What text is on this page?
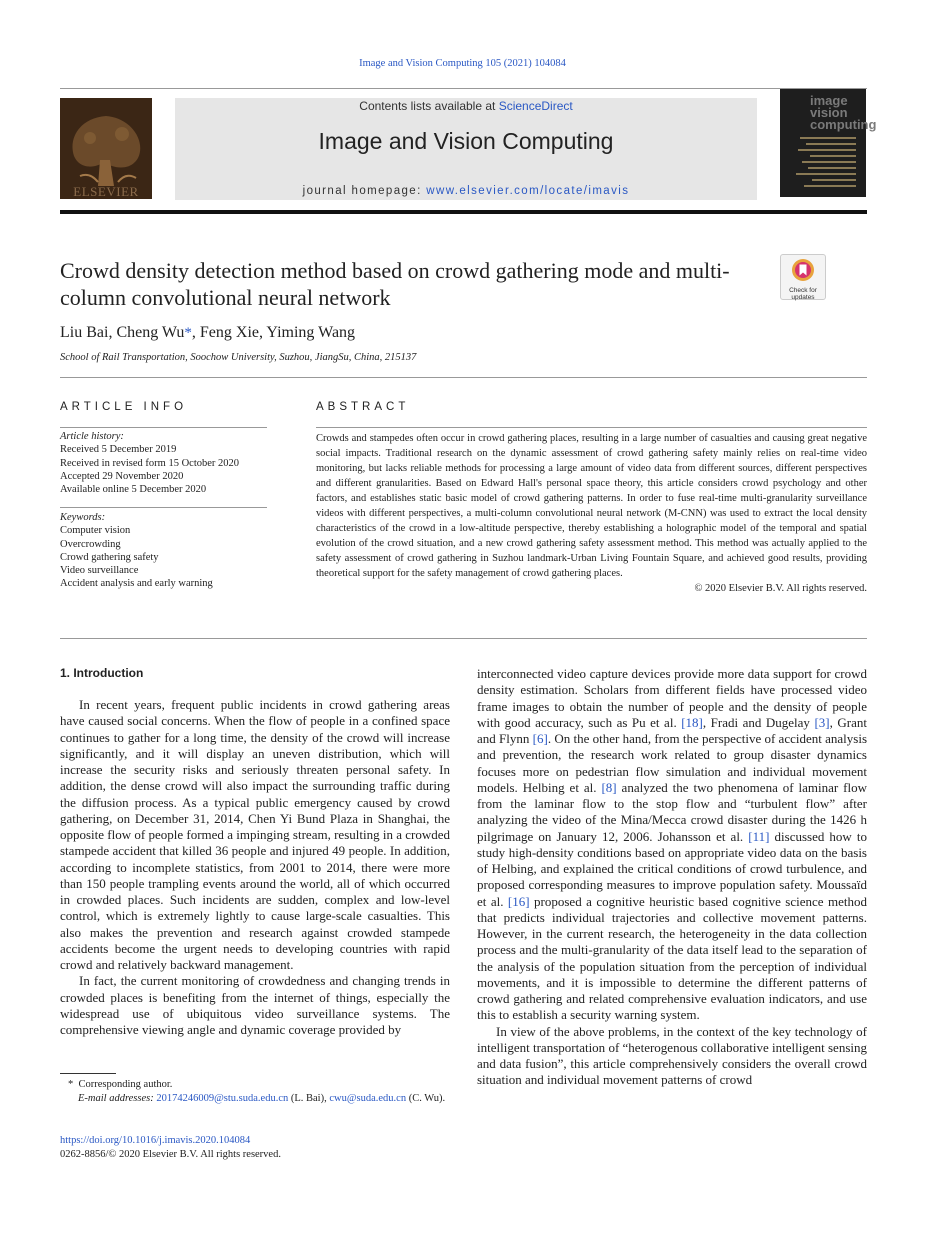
Image and Vision Computing 105 (2021) 104084
ELSEVIER
Contents lists available at ScienceDirect
Image and Vision Computing
journal homepage: www.elsevier.com/locate/imavis
image vision computing
Crowd density detection method based on crowd gathering mode and multi-column convolutional neural network	Check for updates
Liu Bai, Cheng Wu*, Feng Xie, Yiming Wang
School of Rail Transportation, Soochow University, Suzhou, JiangSu, China, 215137
ARTICLE INFO
Article history:
Received 5 December 2019
Received in revised form 15 October 2020
Accepted 29 November 2020
Available online 5 December 2020
Keywords:
Computer vision
Overcrowding
Crowd gathering safety
Video surveillance
Accident analysis and early warning
ABSTRACT
Crowds and stampedes often occur in crowd gathering places, resulting in a large number of casualties and causing great negative social impacts. Traditional research on the dynamic assessment of crowd gathering safety mainly relies on real-time video monitoring, but lacks reliable methods for processing a large amount of video data from different sources, different perspectives and different granularities. Based on Edward Hall's personal space theory, this article considers crowd psychology and other factors, and establishes static basic model of crowd gathering patterns. In order to fuse real-time multi-granularity surveillance videos with different perspectives, a multi-column convolutional neural network (M-CNN) was used to extract the local density characteristics of the crowd in a low-altitude perspective, thereby establishing a holographic model of the temporal and spatial evolution of the crowd situation, and a new crowd gathering safety assessment method. This method was actually applied to the safety assessment of crowd gathering in Suzhou landmark-Urban Living Fountain Square, and achieved good results, providing theoretical support for the safety management of crowd gathering places.
© 2020 Elsevier B.V. All rights reserved.
1. Introduction

In recent years, frequent public incidents in crowd gathering areas have caused social concerns. When the flow of people in a confined space continues to gather for a long time, the density of the crowd will increase significantly, and it will display an uneven distribution, which will increase the security risks and seriously threaten personal safety. In addition, the dense crowd will also impact the surrounding traffic during the diffusion process. As a typical public emergency caused by crowd gathering, on December 31, 2014, Chen Yi Bund Plaza in Shanghai, the opposite flow of people formed a impinging stream, resulting in a crowded stampede accident that killed 36 people and injured 49 people. In addition, according to incomplete statistics, from 2001 to 2014, there were more than 150 people trampling events around the world, all of which occurred in crowded places. Such incidents are sudden, complex and low-level control, which is extremely lightly to cause large-scale casualties. This also makes the prevention and research against crowded stampede accidents become the urgent needs to developing countries with rapid crowd and relatively backward management.

In fact, the current monitoring of crowdedness and changing trends in crowded places is benefiting from the internet of things, especially the widespread use of ubiquitous video surveillance systems. The comprehensive viewing angle and dynamic coverage provided by

interconnected video capture devices provide more data support for crowd density estimation. Scholars from different fields have processed video frame images to obtain the number of people and the density of people with good accuracy, such as Pu et al. [18], Fradi and Dugelay [3], Grant and Flynn [6]. On the other hand, from the perspective of accident analysis and prevention, the research work related to group disaster dynamics focuses more on pedestrian flow simulation and individual movement models. Helbing et al. [8] analyzed the two phenomena of laminar flow from the laminar flow to the stop flow and “turbulent flow” after analyzing the video of the Mina/Mecca crowd disaster during the 1426 h pilgrimage on January 12, 2006. Johansson et al. [11] discussed how to study high-density conditions based on appropriate video data on the basis of Helbing, and explained the critical conditions of crowd turbulence, and proposed corresponding measures to improve population safety. Moussaïd et al. [16] proposed a cognitive heuristic based cognitive science method that predicts individual trajectories and collective movement patterns. However, in the current research, the heterogeneity in the data collection process and the multi-granularity of the data itself lead to the separation of the analysis of the population situation from the perception of individual movements, and it is impossible to determine the different patterns of crowd gathering and related comprehensive evaluation indicators, and use this to establish a security warning system.

In view of the above problems, in the context of the key technology of intelligent transportation of “heterogenous collaborative intelligent sensing and data fusion”, this article comprehensively considers the overall crowd situation and individual movement patterns of crowd

* Corresponding author.
E-mail addresses: 20174246009@stu.suda.edu.cn (L. Bai), cwu@suda.edu.cn (C. Wu).
https://doi.org/10.1016/j.imavis.2020.104084
0262-8856/© 2020 Elsevier B.V. All rights reserved.
